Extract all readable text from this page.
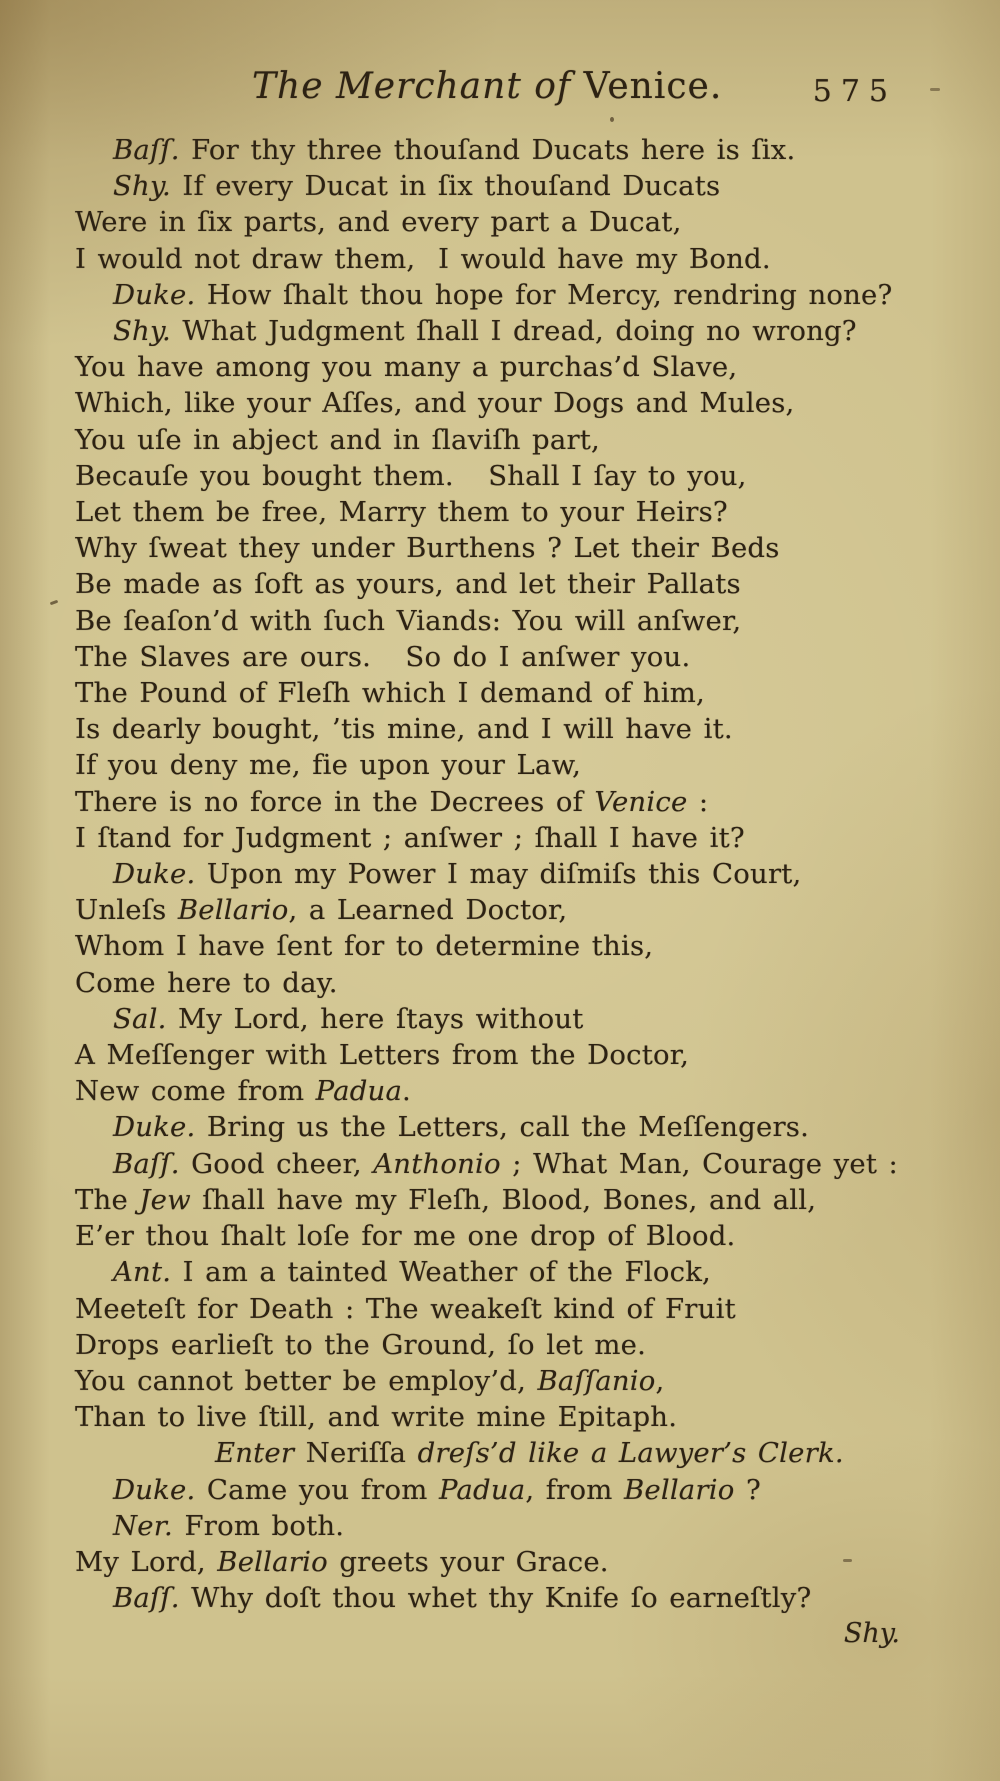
The Merchant of Venice.	575

Baſſ. For thy three thouſand Ducats here is ſix.

Shy. If every Ducat in ſix thouſand Ducats

Were in ſix parts, and every part a Ducat,

I would not draw them,  I would have my Bond.

Duke. How ſhalt thou hope for Mercy, rendring none?

Shy. What Judgment ſhall I dread, doing no wrong?

You have among you many a purchas’d Slave,

Which, like your Aſſes, and your Dogs and Mules,

You uſe in abject and in ſlaviſh part,

Becauſe you bought them.   Shall I ſay to you,

Let them be free, Marry them to your Heirs?

Why ſweat they under Burthens ? Let their Beds

Be made as ſoft as yours, and let their Pallats

Be ſeaſon’d with ſuch Viands: You will anſwer,

The Slaves are ours.   So do I anſwer you.

The Pound of Fleſh which I demand of him,

Is dearly bought, ’tis mine, and I will have it.

If you deny me, fie upon your Law,

There is no force in the Decrees of Venice :

I ſtand for Judgment ; anſwer ; ſhall I have it?

Duke. Upon my Power I may diſmiſs this Court,

Unleſs Bellario, a Learned Doctor,

Whom I have ſent for to determine this,

Come here to day.

Sal. My Lord, here ſtays without

A Meſſenger with Letters from the Doctor,

New come from Padua.

Duke. Bring us the Letters, call the Meſſengers.

Baſſ. Good cheer, Anthonio ; What Man, Courage yet :

The Jew ſhall have my Fleſh, Blood, Bones, and all,

E’er thou ſhalt loſe for me one drop of Blood.

Ant. I am a tainted Weather of the Flock,

Meeteſt for Death : The weakeſt kind of Fruit

Drops earlieſt to the Ground, ſo let me.

You cannot better be employ’d, Baſſanio,

Than to live ſtill, and write mine Epitaph.

Enter Neriſſa dreſs’d like a Lawyer’s Clerk.

Duke. Came you from Padua, from Bellario ?

Ner. From both.

My Lord, Bellario greets your Grace.

Baſſ. Why doſt thou whet thy Knife ſo earneſtly?

Shy.
